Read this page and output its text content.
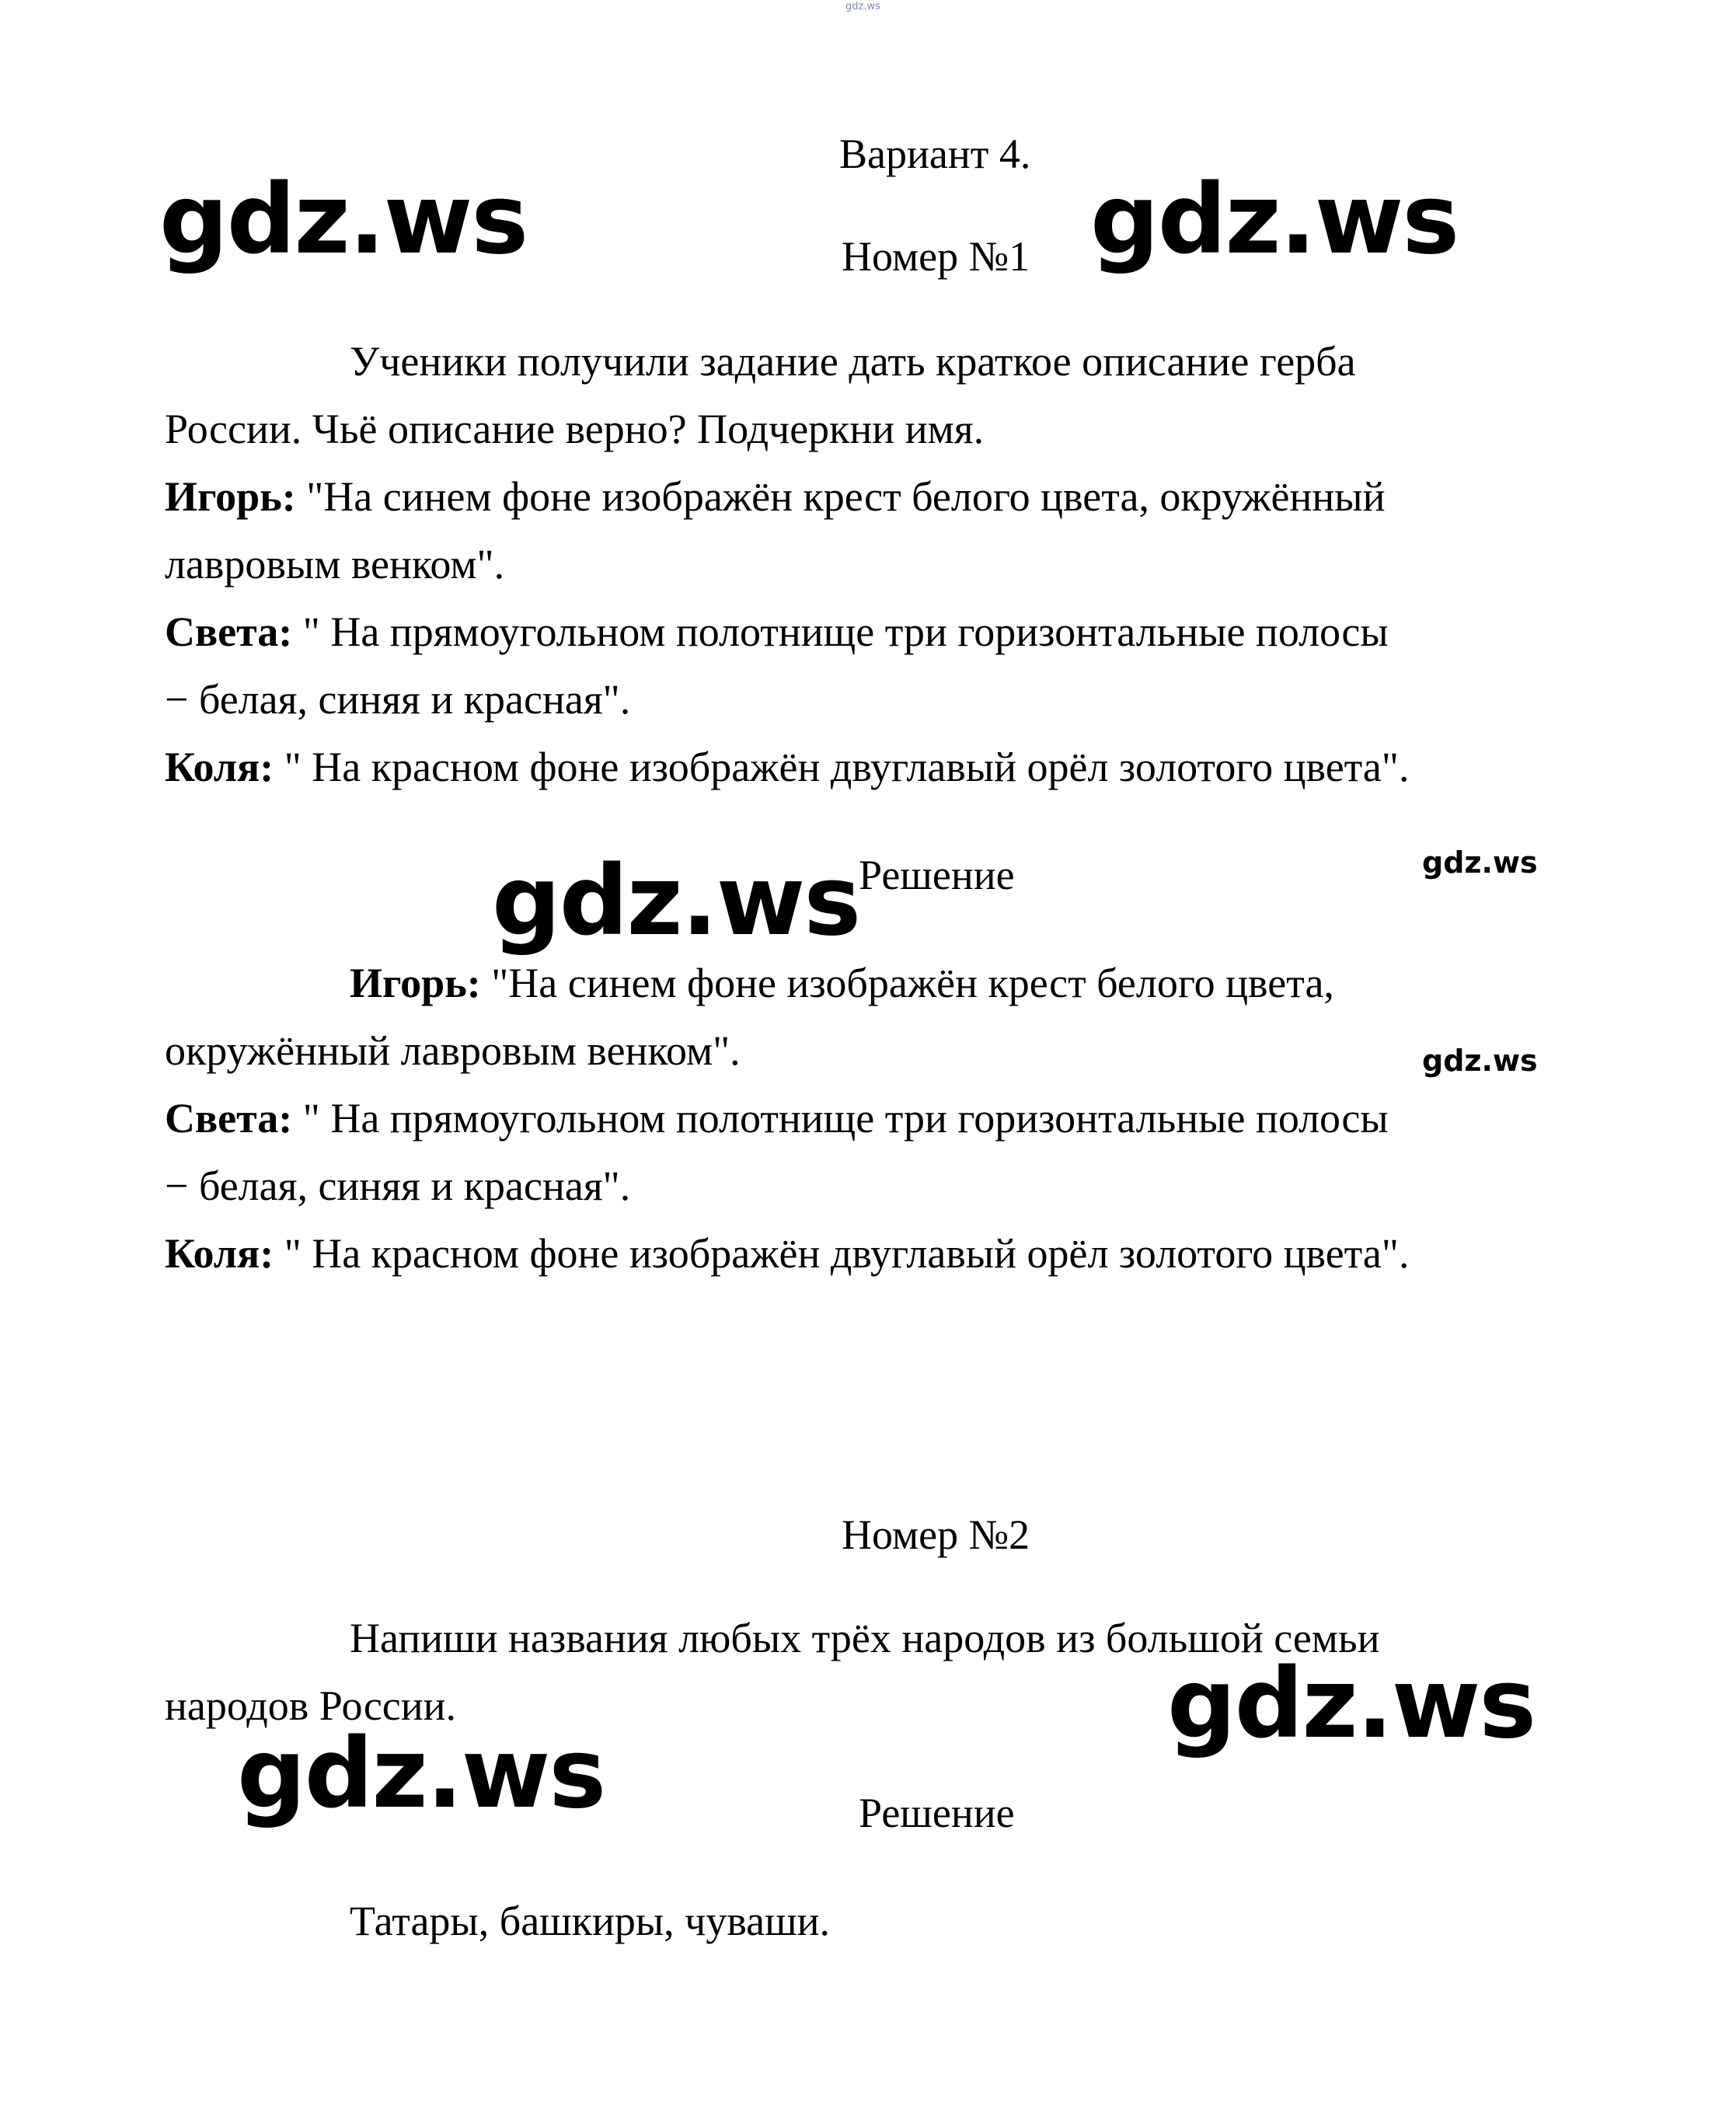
gdz.ws
Вариант 4.
Номер №1
Ученики получили задание дать краткое описание герба
России. Чьё описание верно? Подчеркни имя.
Игорь: "На синем фоне изображён крест белого цвета, окружённый
лавровым венком".
Света: " На прямоугольном полотнище три горизонтальные полосы
− белая, синяя и красная".
Коля: " На красном фоне изображён двуглавый орёл золотого цвета".
Решение
Игорь: "На синем фоне изображён крест белого цвета,
окружённый лавровым венком".
Света: " На прямоугольном полотнище три горизонтальные полосы
− белая, синяя и красная".
Коля: " На красном фоне изображён двуглавый орёл золотого цвета".
Номер №2
Напиши названия любых трёх народов из большой семьи
народов России.
Решение
Татары, башкиры, чуваши.
gdz.ws	gdz.ws
gdz.ws	gdz.ws
gdz.ws
gdz.ws
gdz.ws
